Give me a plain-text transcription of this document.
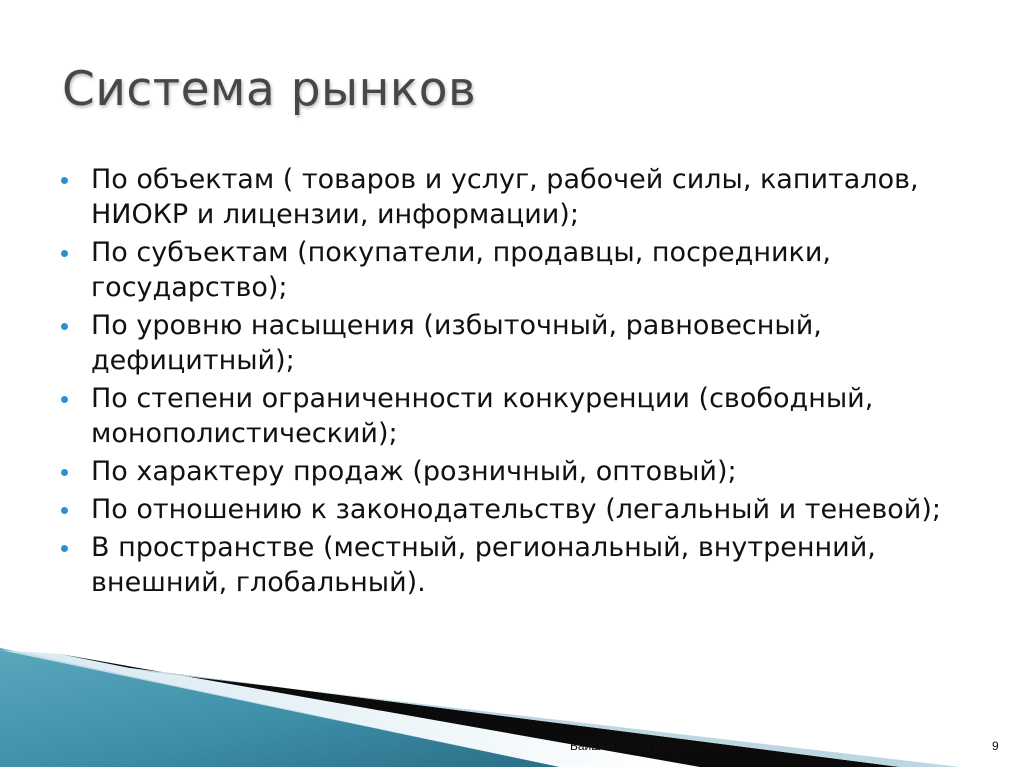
Система рынков
По объектам ( товаров и услуг, рабочей силы, капиталов, НИОКР и лицензии, информации);
По субъектам (покупатели, продавцы, посредники, государство);
По уровню насыщения (избыточный, равновесный, дефицитный);
По степени ограниченности конкуренции (свободный, монополистический);
По характеру продаж (розничный, оптовый);
По отношению к законодательству (легальный и теневой);
В пространстве (местный, региональный, внутренний, внешний, глобальный).
Баишев Берик Кайратович	9
